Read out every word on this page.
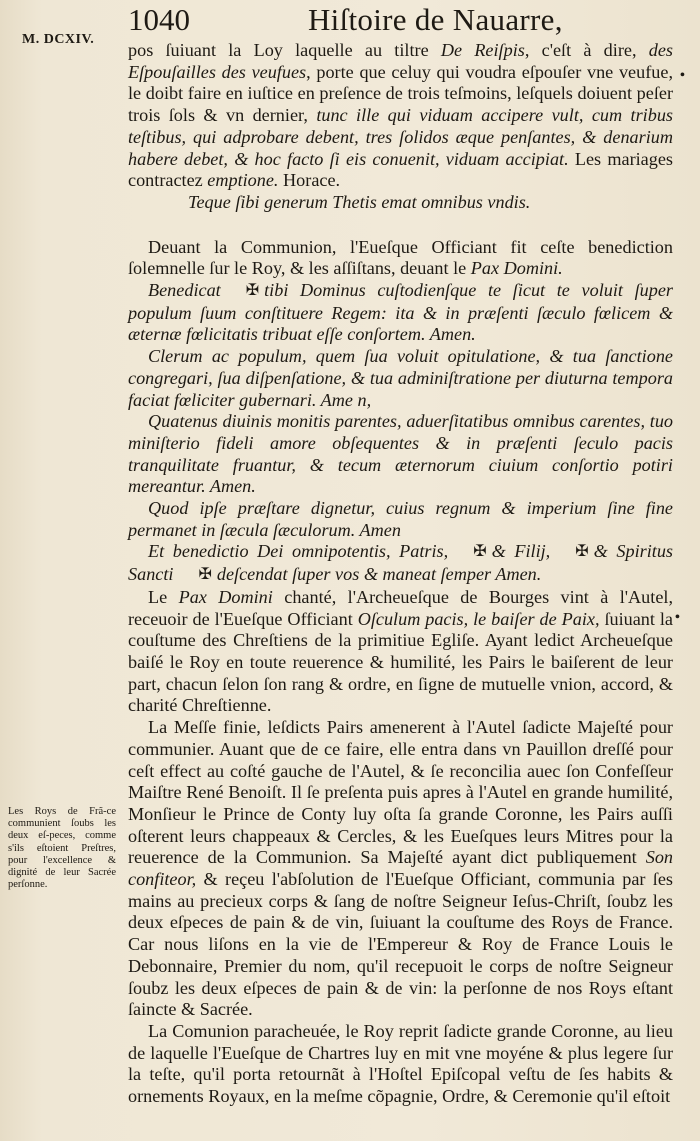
M. DCXIV.
1040	Hiſtoire de Nauarre,
•
•
Les Roys de Frã-ce communient ſoubs les deux eſ-peces, comme s'ils eſtoient Preſtres, pour l'excellence & dignité de leur Sacrée perſonne.

pos ſuiuant la Loy laquelle au tiltre De Reiſpis, c'eſt à dire, des Eſpouſailles des veufues, porte que celuy qui voudra eſpouſer vne veufue, le doibt faire en iuſtice en preſence de trois teſmoins, leſquels doiuent peſer trois ſols & vn dernier, tunc ille qui viduam accipere vult, cum tribus teſtibus, qui adprobare debent, tres ſolidos æque penſantes, & denarium habere debet, & hoc facto ſi eis conuenit, viduam accipiat. Les mariages contractez emptione. Horace.

Teque ſibi generum Thetis emat omnibus vndis.

Deuant la Communion, l'Eueſque Officiant fit ceſte benediction ſolemnelle ſur le Roy, & les aſſiſtans, deuant le Pax Domini.

Benedicat ✠ tibi Dominus cuſtodienſque te ſicut te voluit ſuper populum ſuum conſtituere Regem: ita & in præſenti ſæculo fœlicem & æternæ fœlicitatis tribuat eſſe conſortem. Amen.

Clerum ac populum, quem ſua voluit opitulatione, & tua ſanctione congregari, ſua diſpenſatione, & tua adminiſtratione per diuturna tempora faciat fœliciter gubernari. Ame n,

Quatenus diuinis monitis parentes, aduerſitatibus omnibus carentes, tuo miniſterio fideli amore obſequentes & in præſenti ſeculo pacis tranquilitate fruantur, & tecum æternorum ciuium conſortio potiri mereantur. Amen.

Quod ipſe præſtare dignetur, cuius regnum & imperium ſine fine permanet in ſæcula ſæculorum. Amen

Et benedictio Dei omnipotentis, Patris, ✠ & Filij, ✠ & Spiritus Sancti ✠ deſcendat ſuper vos & maneat ſemper Amen.

Le Pax Domini chanté, l'Archeueſque de Bourges vint à l'Autel, receuoir de l'Eueſque Officiant Oſculum pacis, le baiſer de Paix, ſuiuant la couſtume des Chreſtiens de la primitiue Egliſe. Ayant ledict Archeueſque baiſé le Roy en toute reuerence & humilité, les Pairs le baiſerent de leur part, chacun ſelon ſon rang & ordre, en ſigne de mutuelle vnion, accord, & charité Chreſtienne.

La Meſſe finie, leſdicts Pairs amenerent à l'Autel ſadicte Majeſté pour communier. Auant que de ce faire, elle entra dans vn Pauillon dreſſé pour ceſt effect au coſté gauche de l'Autel, & ſe reconcilia auec ſon Confeſſeur Maiſtre René Benoiſt. Il ſe preſenta puis apres à l'Autel en grande humilité, Monſieur le Prince de Conty luy oſta ſa grande Coronne, les Pairs auſſi oſterent leurs chappeaux & Cercles, & les Eueſques leurs Mitres pour la reuerence de la Communion. Sa Majeſté ayant dict publiquement Son confiteor, & reçeu l'abſolution de l'Eueſque Officiant, communia par ſes mains au precieux corps & ſang de noſtre Seigneur Ieſus-Chriſt, ſoubz les deux eſpeces de pain & de vin, ſuiuant la couſtume des Roys de France. Car nous liſons en la vie de l'Empereur & Roy de France Louis le Debonnaire, Premier du nom, qu'il recepuoit le corps de noſtre Seigneur ſoubz les deux eſpeces de pain & de vin: la perſonne de nos Roys eſtant ſaincte & Sacrée.

La Comunion paracheuée, le Roy reprit ſadicte grande Coronne, au lieu de laquelle l'Eueſque de Chartres luy en mit vne moyéne & plus legere ſur la teſte, qu'il porta retournãt à l'Hoſtel Epiſcopal veſtu de ſes habits & ornements Royaux, en la meſme cõpagnie, Ordre, & Ceremonie qu'il eſtoit
